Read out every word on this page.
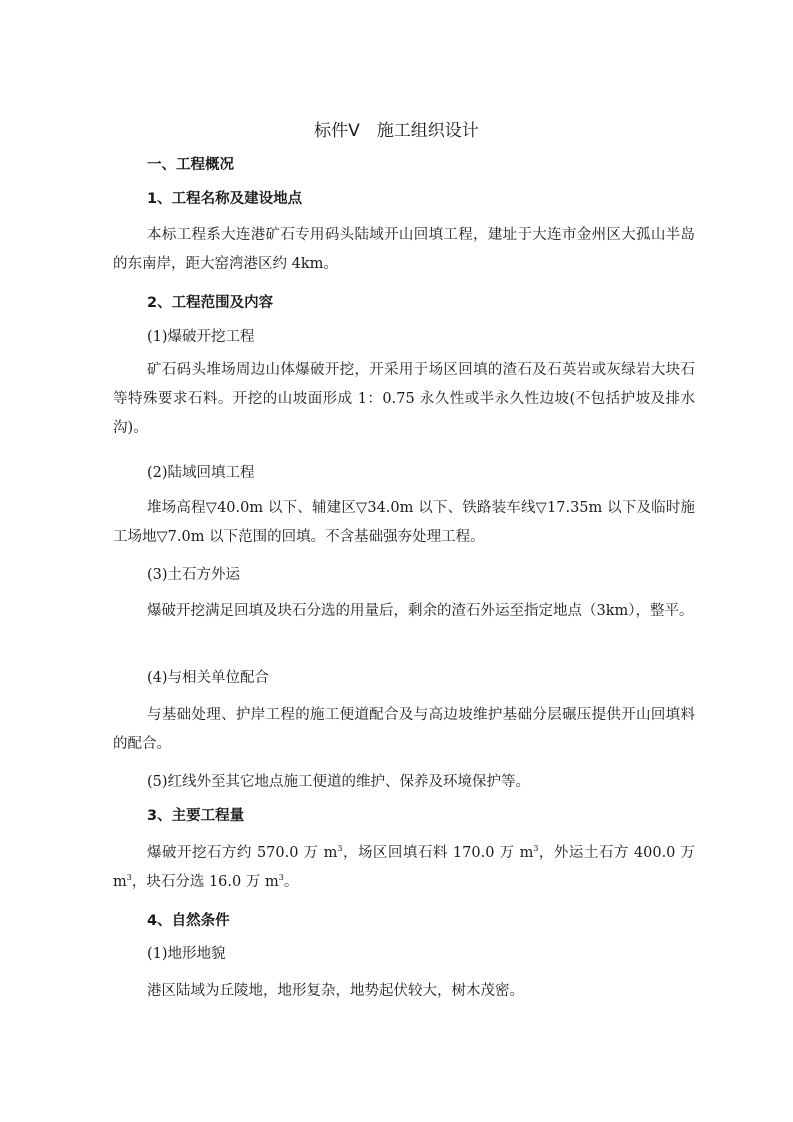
标件Ⅴ　施工组织设计
一、工程概况
1、工程名称及建设地点
本标工程系大连港矿石专用码头陆域开山回填工程，建址于大连市金州区大孤山半岛的东南岸，距大窑湾港区约 4km。
2、工程范围及内容
(1)爆破开挖工程
矿石码头堆场周边山体爆破开挖，开采用于场区回填的渣石及石英岩或灰绿岩大块石等特殊要求石料。开挖的山坡面形成 1：0.75 永久性或半永久性边坡(不包括护坡及排水沟)。
(2)陆域回填工程
堆场高程▽40.0m 以下、辅建区▽34.0m 以下、铁路装车线▽17.35m 以下及临时施工场地▽7.0m 以下范围的回填。不含基础强夯处理工程。
(3)土石方外运
爆破开挖满足回填及块石分选的用量后，剩余的渣石外运至指定地点（3km），整平。
(4)与相关单位配合
与基础处理、护岸工程的施工便道配合及与高边坡维护基础分层碾压提供开山回填料的配合。
(5)红线外至其它地点施工便道的维护、保养及环境保护等。
3、主要工程量
爆破开挖石方约 570.0 万 $m^3$，场区回填石料 170.0 万 $m^3$，外运土石方 400.0 万 $m^3$，块石分选 16.0 万 $m^3$。
4、自然条件
(1)地形地貌
港区陆域为丘陵地，地形复杂，地势起伏较大，树木茂密。
